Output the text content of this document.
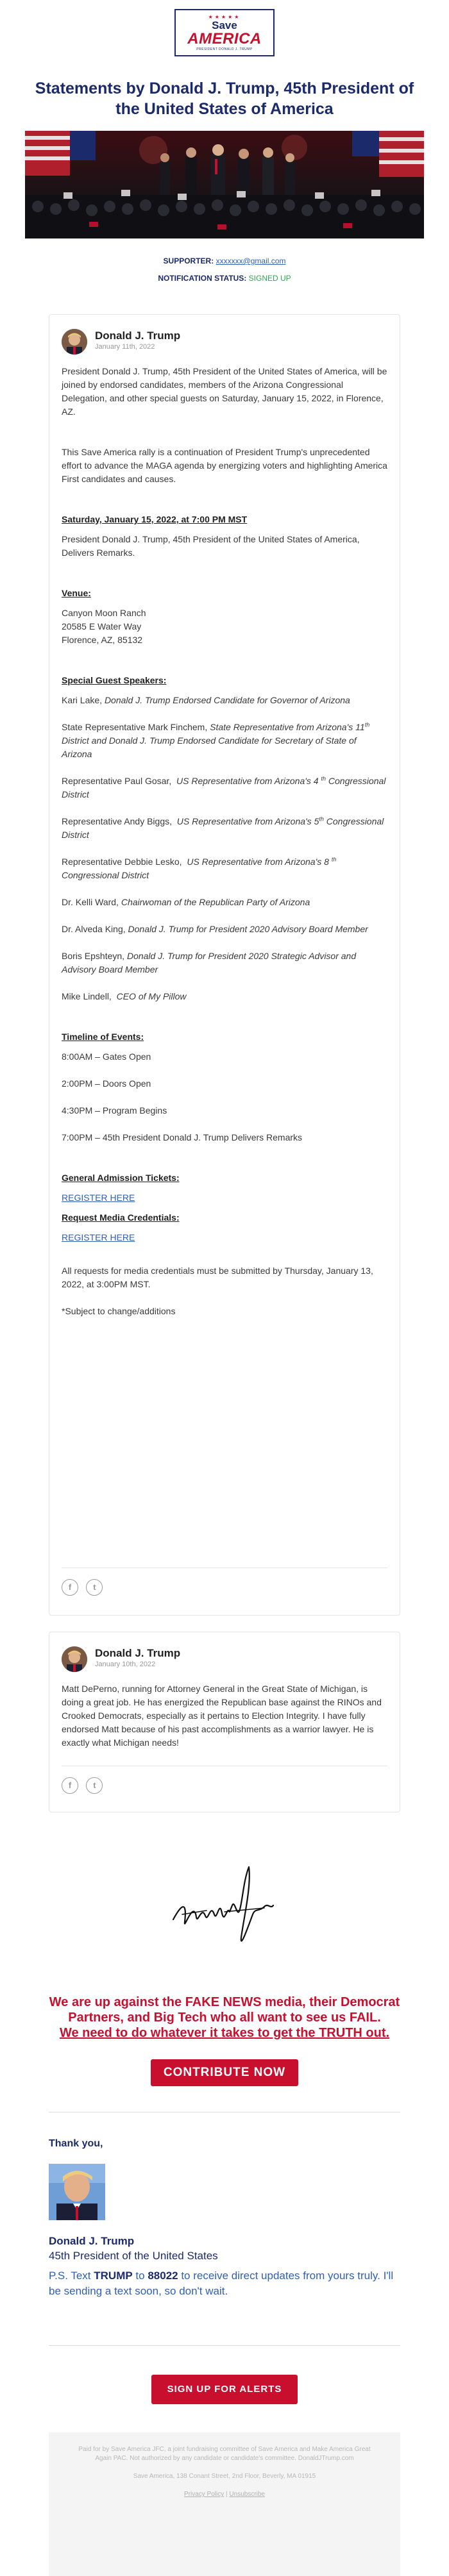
★★★★★
Save
AMERICA
PRESIDENT DONALD J. TRUMP
Statements by Donald J. Trump, 45th President of the United States of America
SUPPORTER: xxxxxxx@gmail.com
NOTIFICATION STATUS: SIGNED UP
Donald J. Trump
January 11th, 2022

President Donald J. Trump, 45th President of the United States of America, will be joined by endorsed candidates, members of the Arizona Congressional Delegation, and other special guests on Saturday, January 15, 2022, in Florence, AZ.

This Save America rally is a continuation of President Trump's unprecedented effort to advance the MAGA agenda by energizing voters and highlighting America First candidates and causes.

Saturday, January 15, 2022, at 7:00 PM MST

President Donald J. Trump, 45th President of the United States of America, Delivers Remarks.

Venue:

Canyon Moon Ranch
20585 E Water Way
Florence, AZ, 85132

Special Guest Speakers:

Kari Lake, Donald J. Trump Endorsed Candidate for Governor of Arizona

State Representative Mark Finchem, State Representative from Arizona's 11th District and Donald J. Trump Endorsed Candidate for Secretary of State of Arizona

Representative Paul Gosar, US Representative from Arizona's 4 $^{th}$ Congressional District

Representative Andy Biggs, US Representative from Arizona's 5th Congressional District

Representative Debbie Lesko, US Representative from Arizona's 8 $^{th}$ Congressional District

Dr. Kelli Ward, Chairwoman of the Republican Party of Arizona

Dr. Alveda King, Donald J. Trump for President 2020 Advisory Board Member

Boris Epshteyn, Donald J. Trump for President 2020 Strategic Advisor and Advisory Board Member

Mike Lindell, CEO of My Pillow

Timeline of Events:

8:00AM – Gates Open

2:00PM – Doors Open

4:30PM – Program Begins

7:00PM – 45th President Donald J. Trump Delivers Remarks

General Admission Tickets:

REGISTER HERE

Request Media Credentials:

REGISTER HERE

All requests for media credentials must be submitted by Thursday, January 13, 2022, at 3:00PM MST.

*Subject to change/additions

f	t
Donald J. Trump
January 10th, 2022

Matt DePerno, running for Attorney General in the Great State of Michigan, is doing a great job. He has energized the Republican base against the RINOs and Crooked Democrats, especially as it pertains to Election Integrity. I have fully endorsed Matt because of his past accomplishments as a warrior lawyer. He is exactly what Michigan needs!

f	t
We are up against the FAKE NEWS media, their Democrat Partners, and Big Tech who all want to see us FAIL.
We need to do whatever it takes to get the TRUTH out.
CONTRIBUTE NOW
Thank you,
Donald J. Trump
45th President of the United States
P.S. Text TRUMP to 88022 to receive direct updates from yours truly. I'll be sending a text soon, so don't wait.
SIGN UP FOR ALERTS
Paid for by Save America JFC, a joint fundraising committee of Save America and Make America Great Again PAC. Not authorized by any candidate or candidate's committee. DonaldJTrump.com
Save America, 138 Conant Street, 2nd Floor, Beverly, MA 01915
Privacy Policy | Unsubscribe
